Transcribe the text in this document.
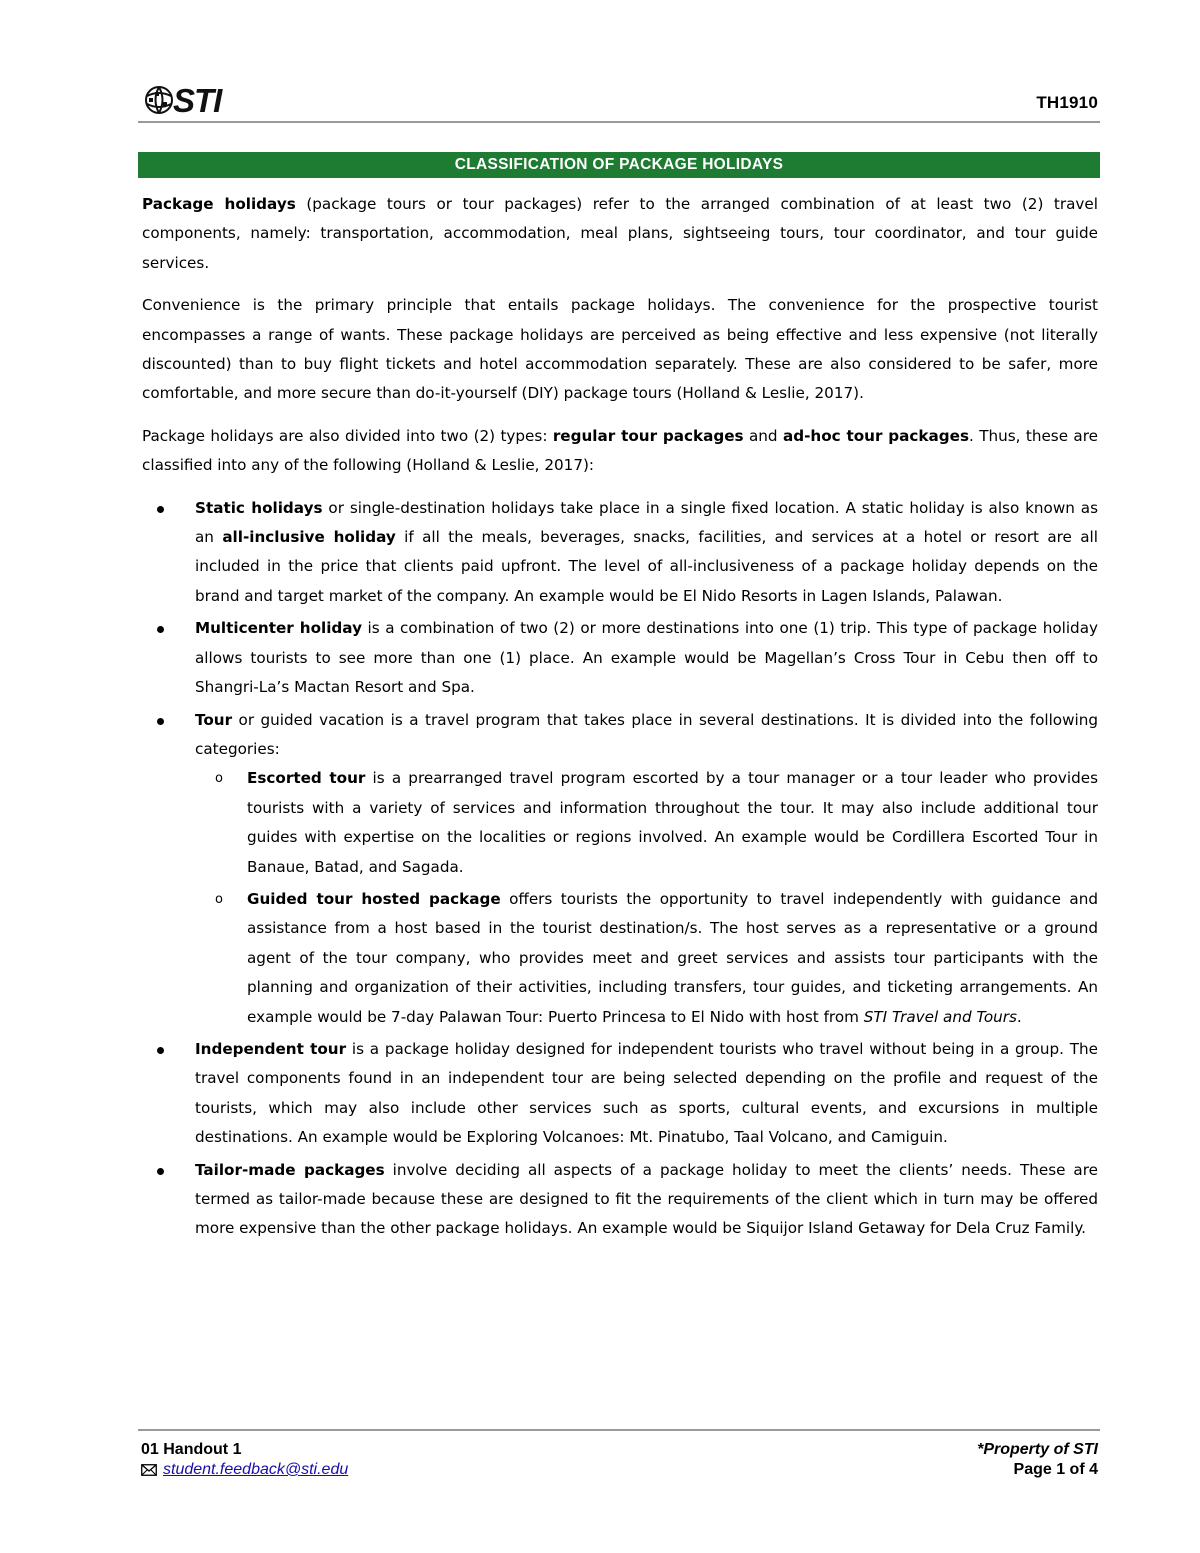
STI	TH1910
CLASSIFICATION OF PACKAGE HOLIDAYS

Package holidays (package tours or tour packages) refer to the arranged combination of at least two (2) travel components, namely: transportation, accommodation, meal plans, sightseeing tours, tour coordinator, and tour guide services.

Convenience is the primary principle that entails package holidays. The convenience for the prospective tourist encompasses a range of wants. These package holidays are perceived as being effective and less expensive (not literally discounted) than to buy flight tickets and hotel accommodation separately. These are also considered to be safer, more comfortable, and more secure than do-it-yourself (DIY) package tours (Holland & Leslie, 2017).

Package holidays are also divided into two (2) types: regular tour packages and ad-hoc tour packages. Thus, these are classified into any of the following (Holland & Leslie, 2017):

Static holidays or single-destination holidays take place in a single fixed location. A static holiday is also known as an all-inclusive holiday if all the meals, beverages, snacks, facilities, and services at a hotel or resort are all included in the price that clients paid upfront. The level of all-inclusiveness of a package holiday depends on the brand and target market of the company. An example would be El Nido Resorts in Lagen Islands, Palawan.
Multicenter holiday is a combination of two (2) or more destinations into one (1) trip. This type of package holiday allows tourists to see more than one (1) place. An example would be Magellan’s Cross Tour in Cebu then off to Shangri-La’s Mactan Resort and Spa.
Tour or guided vacation is a travel program that takes place in several destinations. It is divided into the following categories:
o Escorted tour is a prearranged travel program escorted by a tour manager or a tour leader who provides tourists with a variety of services and information throughout the tour. It may also include additional tour guides with expertise on the localities or regions involved. An example would be Cordillera Escorted Tour in Banaue, Batad, and Sagada.
o Guided tour hosted package offers tourists the opportunity to travel independently with guidance and assistance from a host based in the tourist destination/s. The host serves as a representative or a ground agent of the tour company, who provides meet and greet services and assists tour participants with the planning and organization of their activities, including transfers, tour guides, and ticketing arrangements. An example would be 7-day Palawan Tour: Puerto Princesa to El Nido with host from STI Travel and Tours.
Independent tour is a package holiday designed for independent tourists who travel without being in a group. The travel components found in an independent tour are being selected depending on the profile and request of the tourists, which may also include other services such as sports, cultural events, and excursions in multiple destinations. An example would be Exploring Volcanoes: Mt. Pinatubo, Taal Volcano, and Camiguin.
Tailor-made packages involve deciding all aspects of a package holiday to meet the clients’ needs. These are termed as tailor-made because these are designed to fit the requirements of the client which in turn may be offered more expensive than the other package holidays. An example would be Siquijor Island Getaway for Dela Cruz Family.
01 Handout 1
student.feedback@sti.edu
*Property of STI
Page 1 of 4
